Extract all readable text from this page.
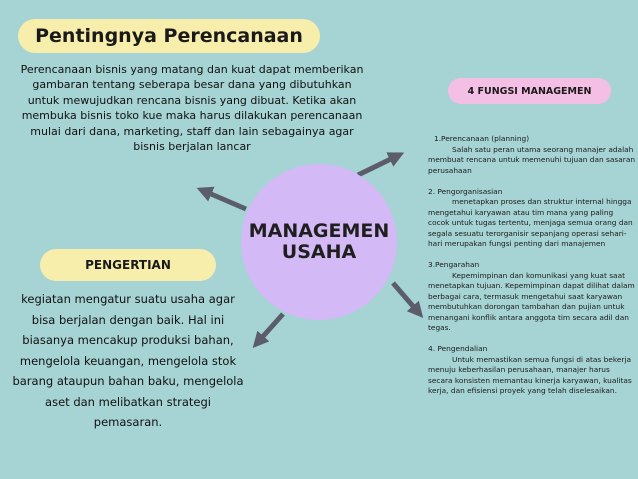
Pentingnya Perencanaan
Perencanaan bisnis yang matang dan kuat dapat memberikan gambaran tentang seberapa besar dana yang dibutuhkan untuk mewujudkan rencana bisnis yang dibuat. Ketika akan membuka bisnis toko kue maka harus dilakukan perencanaan mulai dari dana, marketing, staff dan lain sebagainya agar bisnis berjalan lancar
4 FUNGSI MANAGEMEN
MANAGEMEN
USAHA
PENGERTIAN
kegiatan mengatur suatu usaha agar bisa berjalan dengan baik. Hal ini biasanya mencakup produksi bahan, mengelola keuangan, mengelola stok barang ataupun bahan baku, mengelola aset dan melibatkan strategi pemasaran.
1.Perencanaan (planning)
Salah satu peran utama seorang manajer adalah membuat rencana untuk memenuhi tujuan dan sasaran perusahaan
2. Pengorganisasian
menetapkan proses dan struktur internal hingga mengetahui karyawan atau tim mana yang paling cocok untuk tugas tertentu, menjaga semua orang dan segala sesuatu terorganisir sepanjang operasi sehari-hari merupakan fungsi penting dari manajemen
3.Pengarahan
Kepemimpinan dan komunikasi yang kuat saat menetapkan tujuan. Kepemimpinan dapat dilihat dalam berbagai cara, termasuk mengetahui saat karyawan membutuhkan dorongan tambahan dan pujian untuk menangani konflik antara anggota tim secara adil dan tegas.
4. Pengendalian
Untuk memastikan semua fungsi di atas bekerja menuju keberhasilan perusahaan, manajer harus secara konsisten memantau kinerja karyawan, kualitas kerja, dan efisiensi proyek yang telah diselesaikan.
